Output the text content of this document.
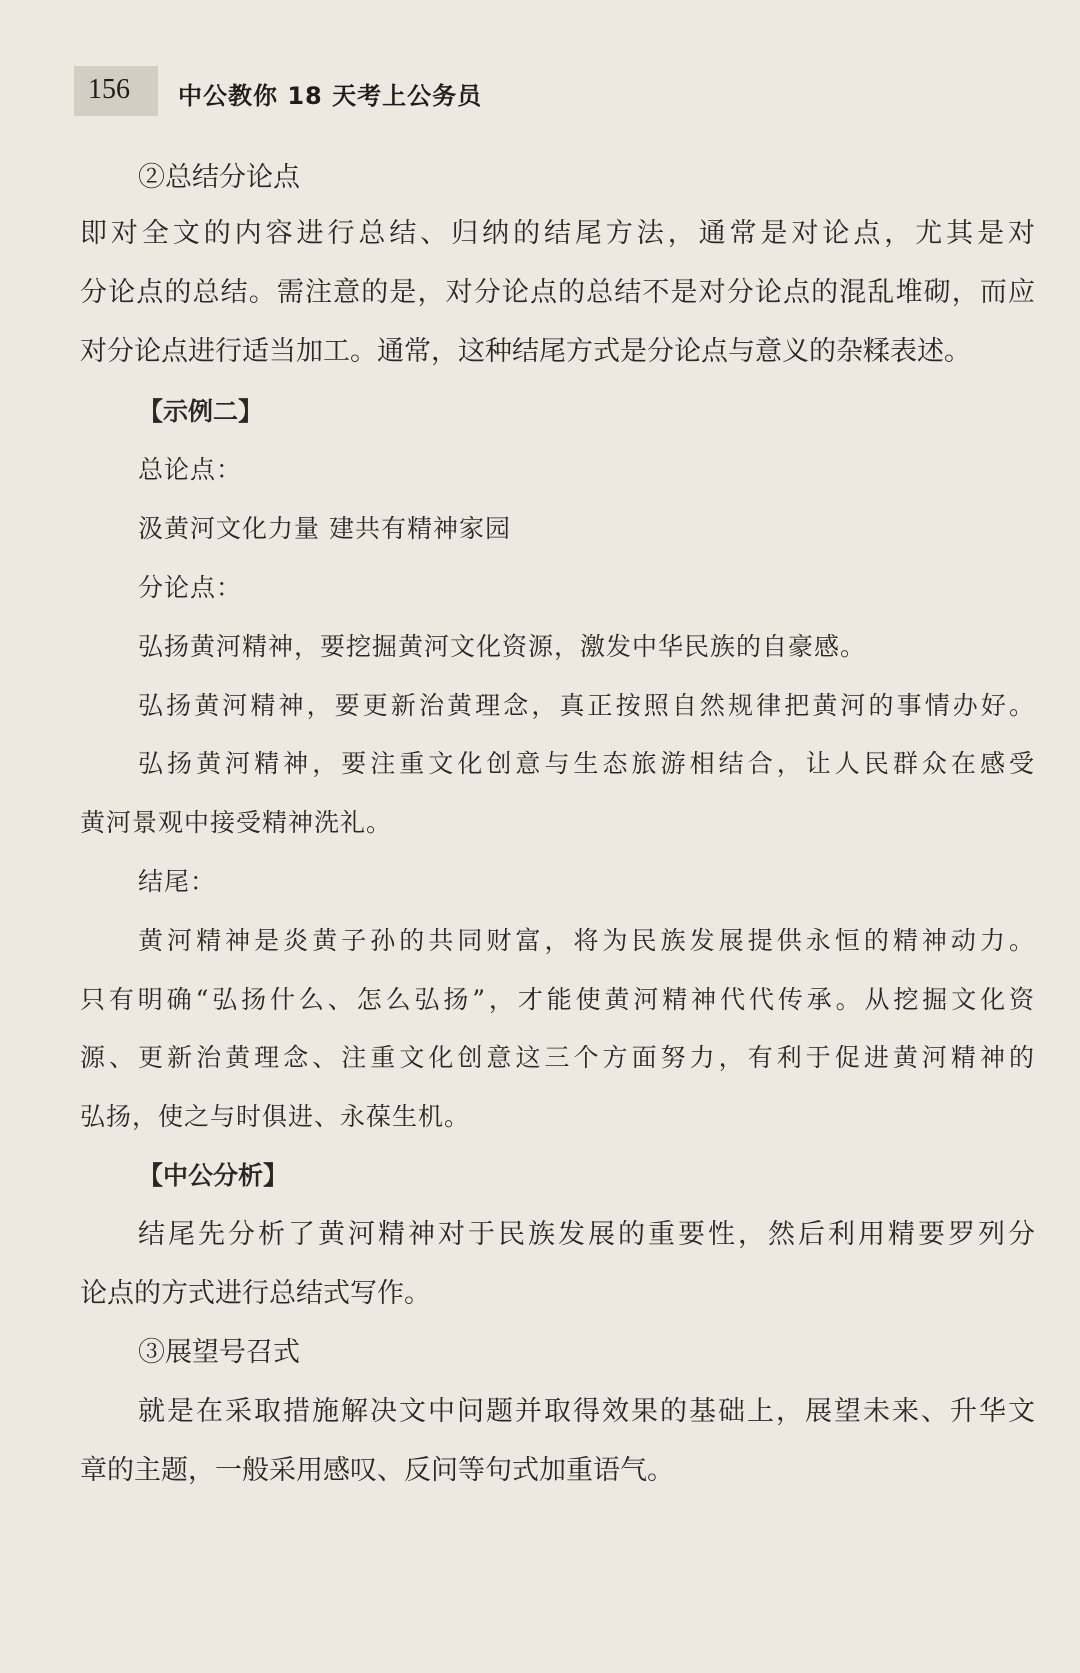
156 中公教你 18 天考上公务员
②总结分论点
即对全文的内容进行总结、归纳的结尾方法，通常是对论点，尤其是对
分论点的总结。需注意的是，对分论点的总结不是对分论点的混乱堆砌，而应
对分论点进行适当加工。通常，这种结尾方式是分论点与意义的杂糅表述。
【示例二】
总论点：
汲黄河文化力量 建共有精神家园
分论点：
弘扬黄河精神，要挖掘黄河文化资源，激发中华民族的自豪感。
弘扬黄河精神，要更新治黄理念，真正按照自然规律把黄河的事情办好。
弘扬黄河精神，要注重文化创意与生态旅游相结合，让人民群众在感受
黄河景观中接受精神洗礼。
结尾：
黄河精神是炎黄子孙的共同财富，将为民族发展提供永恒的精神动力。
只有明确“弘扬什么、怎么弘扬”，才能使黄河精神代代传承。从挖掘文化资
源、更新治黄理念、注重文化创意这三个方面努力，有利于促进黄河精神的
弘扬，使之与时俱进、永葆生机。
【中公分析】
结尾先分析了黄河精神对于民族发展的重要性，然后利用精要罗列分
论点的方式进行总结式写作。
③展望号召式
就是在采取措施解决文中问题并取得效果的基础上，展望未来、升华文
章的主题，一般采用感叹、反问等句式加重语气。
